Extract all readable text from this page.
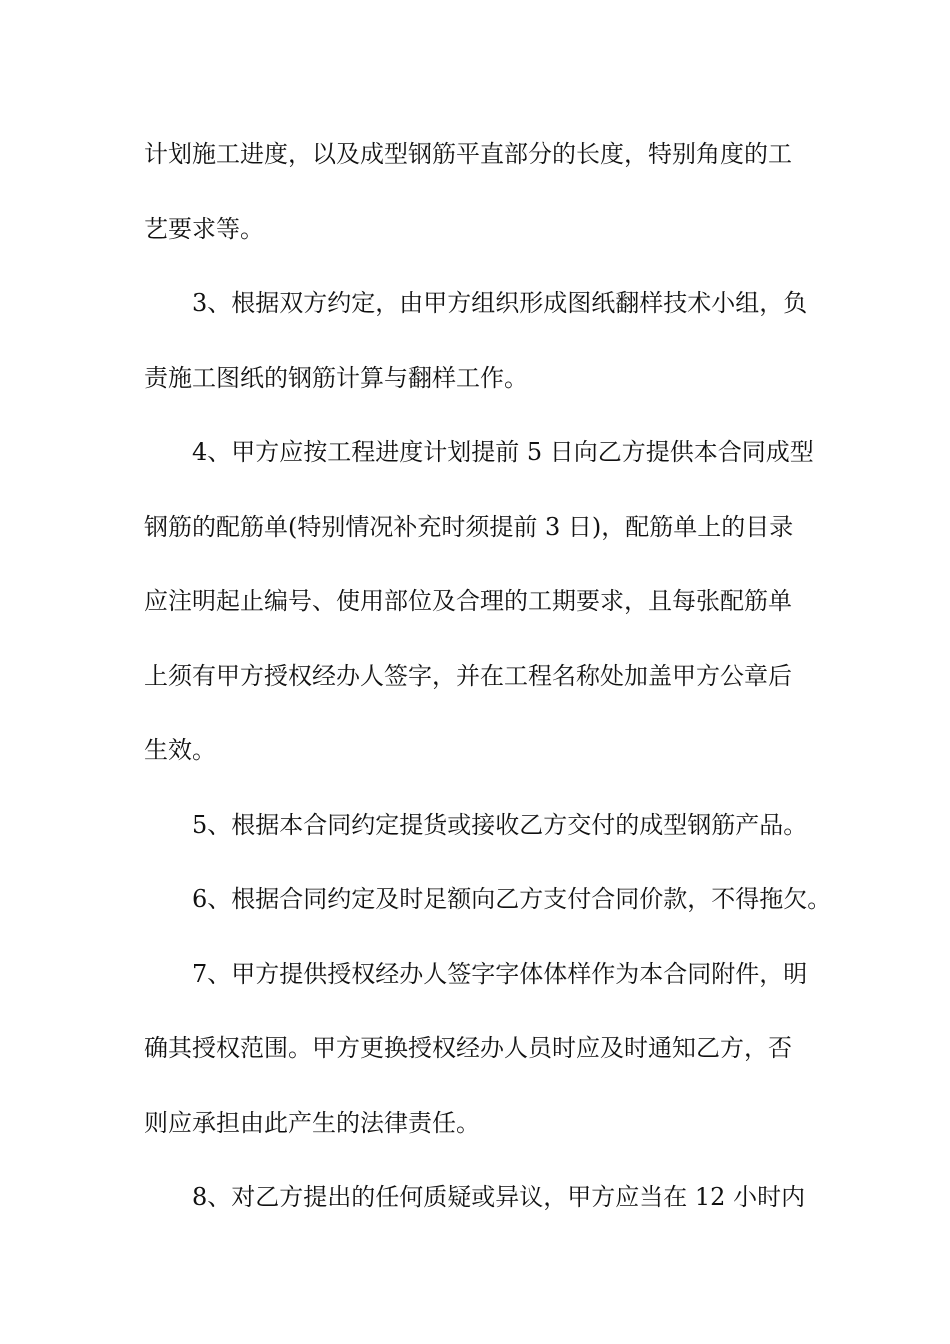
计划施工进度，以及成型钢筋平直部分的长度，特别角度的工
艺要求等。
3、根据双方约定，由甲方组织形成图纸翻样技术小组，负
责施工图纸的钢筋计算与翻样工作。
4、甲方应按工程进度计划提前 5 日向乙方提供本合同成型
钢筋的配筋单(特别情况补充时须提前 3 日)，配筋单上的目录
应注明起止编号、使用部位及合理的工期要求，且每张配筋单
上须有甲方授权经办人签字，并在工程名称处加盖甲方公章后
生效。
5、根据本合同约定提货或接收乙方交付的成型钢筋产品。
6、根据合同约定及时足额向乙方支付合同价款，不得拖欠。
7、甲方提供授权经办人签字字体体样作为本合同附件，明
确其授权范围。甲方更换授权经办人员时应及时通知乙方，否
则应承担由此产生的法律责任。
8、对乙方提出的任何质疑或异议，甲方应当在 12 小时内
